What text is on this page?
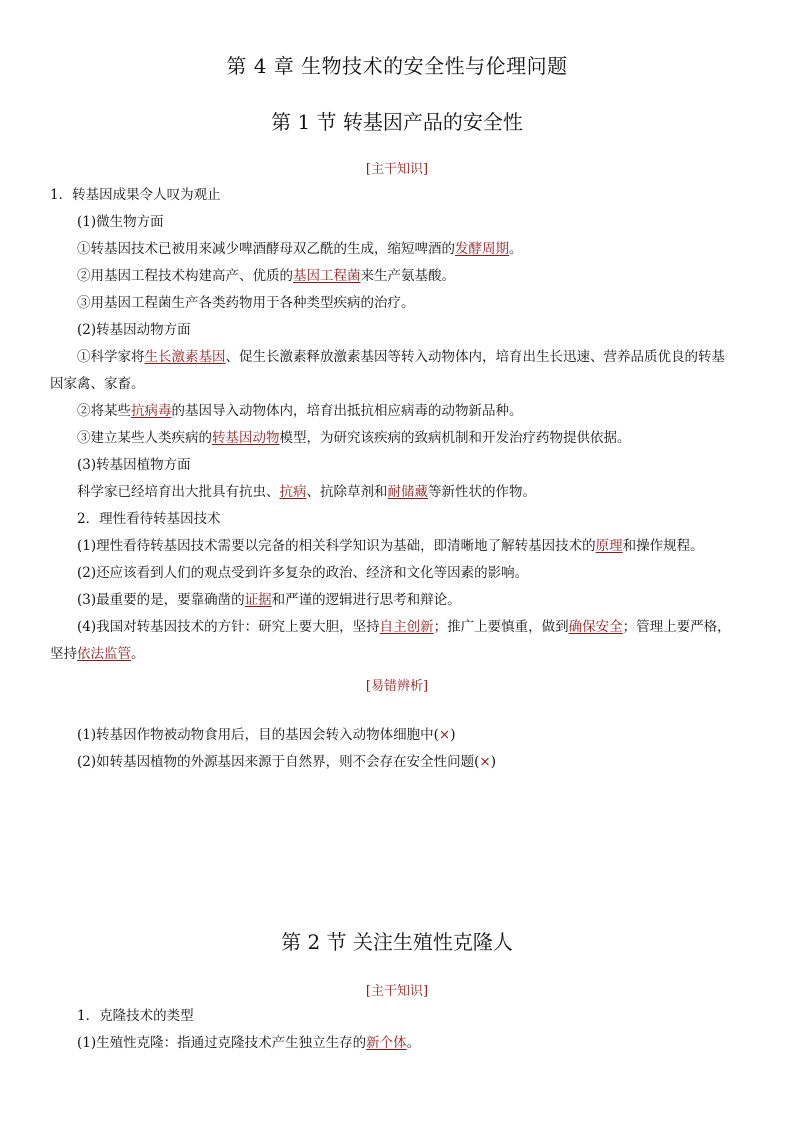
第 4 章 生物技术的安全性与伦理问题
第 1 节 转基因产品的安全性
[主干知识]
1．转基因成果令人叹为观止
(1)微生物方面
①转基因技术已被用来减少啤酒酵母双乙酰的生成，缩短啤酒的发酵周期。
②用基因工程技术构建高产、优质的基因工程菌来生产氨基酸。
③用基因工程菌生产各类药物用于各种类型疾病的治疗。
(2)转基因动物方面
①科学家将生长激素基因、促生长激素释放激素基因等转入动物体内，培育出生长迅速、营养品质优良的转基
因家禽、家畜。
②将某些抗病毒的基因导入动物体内，培育出抵抗相应病毒的动物新品种。
③建立某些人类疾病的转基因动物模型，为研究该疾病的致病机制和开发治疗药物提供依据。
(3)转基因植物方面
科学家已经培育出大批具有抗虫、抗病、抗除草剂和耐储藏等新性状的作物。
2．理性看待转基因技术
(1)理性看待转基因技术需要以完备的相关科学知识为基础，即清晰地了解转基因技术的原理和操作规程。
(2)还应该看到人们的观点受到许多复杂的政治、经济和文化等因素的影响。
(3)最重要的是，要靠确凿的证据和严谨的逻辑进行思考和辩论。
(4)我国对转基因技术的方针：研究上要大胆，坚持自主创新；推广上要慎重，做到确保安全；管理上要严格，
坚持依法监管。
[易错辨析]
(1)转基因作物被动物食用后，目的基因会转入动物体细胞中(×)
(2)如转基因植物的外源基因来源于自然界，则不会存在安全性问题(×)
第 2 节 关注生殖性克隆人
[主干知识]
1．克隆技术的类型
(1)生殖性克隆：指通过克隆技术产生独立生存的新个体。
